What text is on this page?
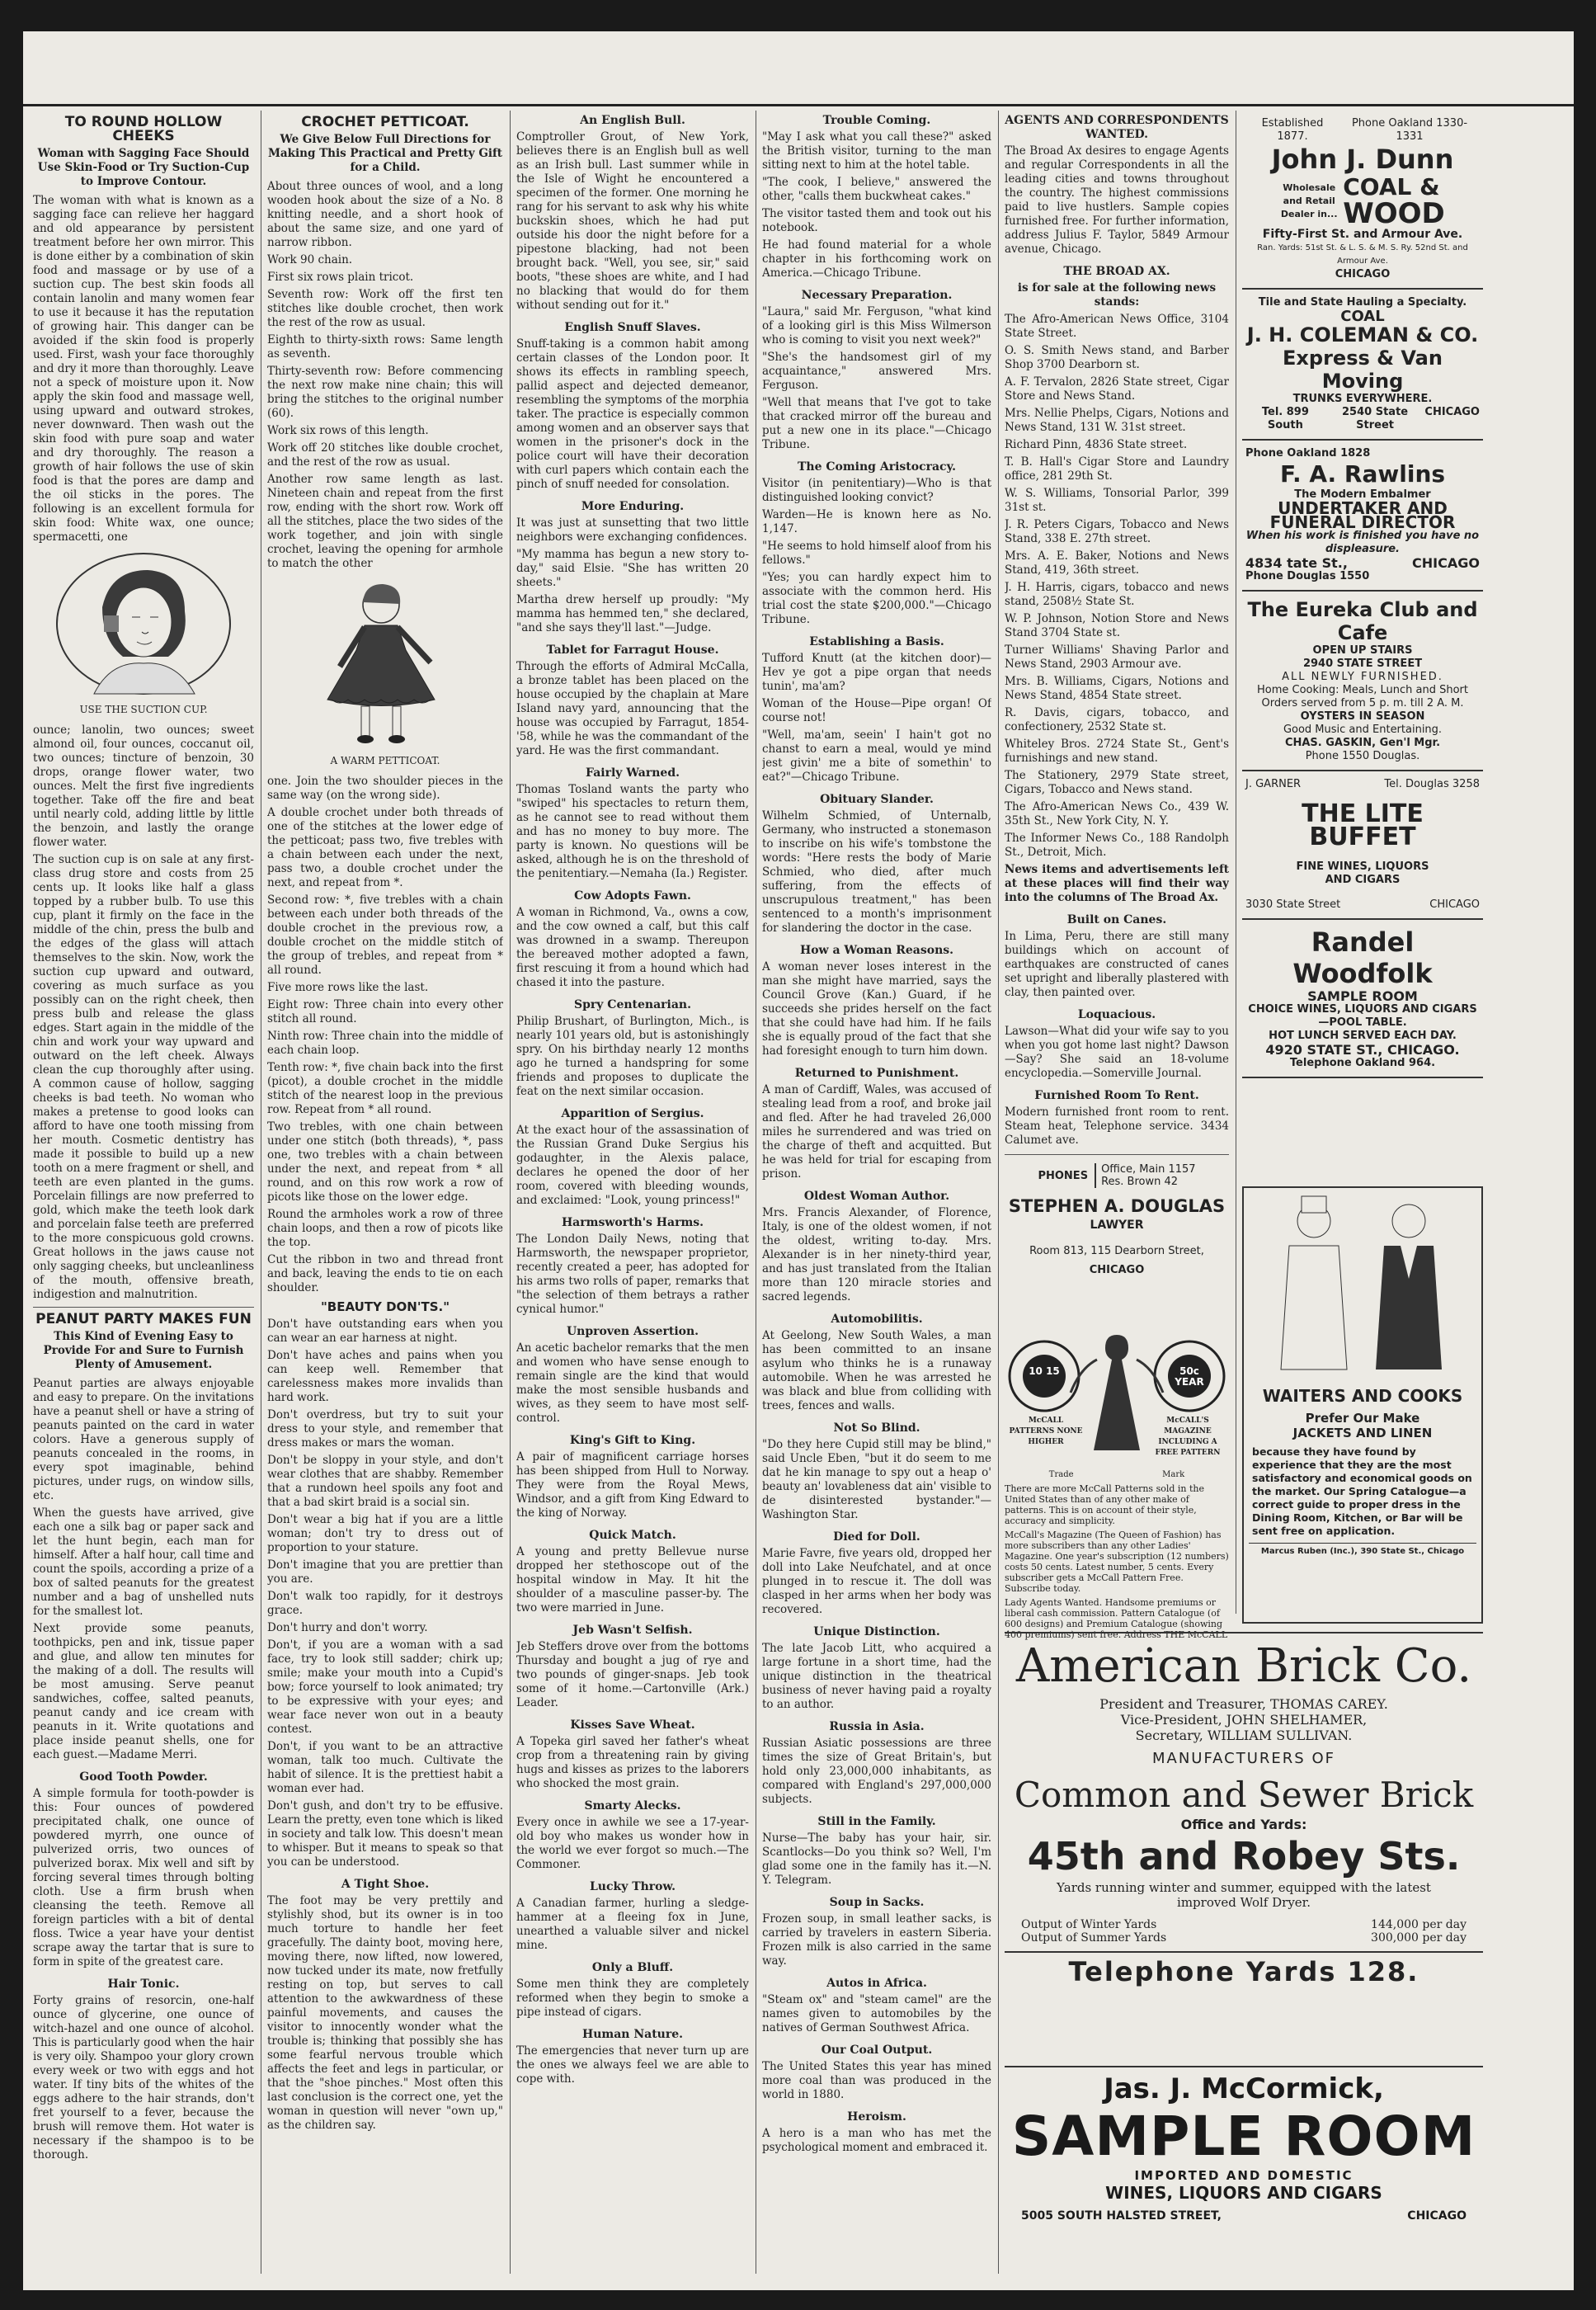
TO ROUND HOLLOW CHEEKS
Woman with Sagging Face Should Use Skin-Food or Try Suction-Cup to Improve Contour.

The woman with what is known as a sagging face can relieve her haggard and old appearance by persistent treatment before her own mirror. This is done either by a combination of skin food and massage or by use of a suction cup. The best skin foods all contain lanolin and many women fear to use it because it has the reputation of growing hair. This danger can be avoided if the skin food is properly used. First, wash your face thoroughly and dry it more than thoroughly. Leave not a speck of moisture upon it. Now apply the skin food and massage well, using upward and outward strokes, never downward. Then wash out the skin food with pure soap and water and dry thoroughly. The reason a growth of hair follows the use of skin food is that the pores are damp and the oil sticks in the pores. The following is an excellent formula for skin food: White wax, one ounce; spermacetti, one

USE THE SUCTION CUP.

ounce; lanolin, two ounces; sweet almond oil, four ounces, coccanut oil, two ounces; tincture of benzoin, 30 drops, orange flower water, two ounces. Melt the first five ingredients together. Take off the fire and beat until nearly cold, adding little by little the benzoin, and lastly the orange flower water.

The suction cup is on sale at any first-class drug store and costs from 25 cents up. It looks like half a glass topped by a rubber bulb. To use this cup, plant it firmly on the face in the middle of the chin, press the bulb and the edges of the glass will attach themselves to the skin. Now, work the suction cup upward and outward, covering as much surface as you possibly can on the right cheek, then press bulb and release the glass edges. Start again in the middle of the chin and work your way upward and outward on the left cheek. Always clean the cup thoroughly after using. A common cause of hollow, sagging cheeks is bad teeth. No woman who makes a pretense to good looks can afford to have one tooth missing from her mouth. Cosmetic dentistry has made it possible to build up a new tooth on a mere fragment or shell, and teeth are even planted in the gums. Porcelain fillings are now preferred to gold, which make the teeth look dark and porcelain false teeth are preferred to the more conspicuous gold crowns. Great hollows in the jaws cause not only sagging cheeks, but uncleanliness of the mouth, offensive breath, indigestion and malnutrition.

PEANUT PARTY MAKES FUN
This Kind of Evening Easy to Provide For and Sure to Furnish Plenty of Amusement.

Peanut parties are always enjoyable and easy to prepare. On the invitations have a peanut shell or have a string of peanuts painted on the card in water colors. Have a generous supply of peanuts concealed in the rooms, in every spot imaginable, behind pictures, under rugs, on window sills, etc.

When the guests have arrived, give each one a silk bag or paper sack and let the hunt begin, each man for himself. After a half hour, call time and count the spoils, according a prize of a box of salted peanuts for the greatest number and a bag of unshelled nuts for the smallest lot.

Next provide some peanuts, toothpicks, pen and ink, tissue paper and glue, and allow ten minutes for the making of a doll. The results will be most amusing. Serve peanut sandwiches, coffee, salted peanuts, peanut candy and ice cream with peanuts in it. Write quotations and place inside peanut shells, one for each guest.—Madame Merri.

Good Tooth Powder.

A simple formula for tooth-powder is this: Four ounces of powdered precipitated chalk, one ounce of powdered myrrh, one ounce of pulverized orris, two ounces of pulverized borax. Mix well and sift by forcing several times through bolting cloth. Use a firm brush when cleansing the teeth. Remove all foreign particles with a bit of dental floss. Twice a year have your dentist scrape away the tartar that is sure to form in spite of the greatest care.

Hair Tonic.

Forty grains of resorcin, one-half ounce of glycerine, one ounce of witch-hazel and one ounce of alcohol. This is particularly good when the hair is very oily. Shampoo your glory crown every week or two with eggs and hot water. If tiny bits of the whites of the eggs adhere to the hair strands, don't fret yourself to a fever, because the brush will remove them. Hot water is necessary if the shampoo is to be thorough.

CROCHET PETTICOAT.
We Give Below Full Directions for Making This Practical and Pretty Gift for a Child.

About three ounces of wool, and a long wooden hook about the size of a No. 8 knitting needle, and a short hook of about the same size, and one yard of narrow ribbon.

Work 90 chain.

First six rows plain tricot.

Seventh row: Work off the first ten stitches like double crochet, then work the rest of the row as usual.

Eighth to thirty-sixth rows: Same length as seventh.

Thirty-seventh row: Before commencing the next row make nine chain; this will bring the stitches to the original number (60).

Work six rows of this length.

Work off 20 stitches like double crochet, and the rest of the row as usual.

Another row same length as last. Nineteen chain and repeat from the first row, ending with the short row. Work off all the stitches, place the two sides of the work together, and join with single crochet, leaving the opening for armhole to match the other

A WARM PETTICOAT.

one. Join the two shoulder pieces in the same way (on the wrong side).

A double crochet under both threads of one of the stitches at the lower edge of the petticoat; pass two, five trebles with a chain between each under the next, pass two, a double crochet under the next, and repeat from *.

Second row: *, five trebles with a chain between each under both threads of the double crochet in the previous row, a double crochet on the middle stitch of the group of trebles, and repeat from * all round.

Five more rows like the last.

Eight row: Three chain into every other stitch all round.

Ninth row: Three chain into the middle of each chain loop.

Tenth row: *, five chain back into the first (picot), a double crochet in the middle stitch of the nearest loop in the previous row. Repeat from * all round.

Two trebles, with one chain between under one stitch (both threads), *, pass one, two trebles with a chain between under the next, and repeat from * all round, and on this row work a row of picots like those on the lower edge.

Round the armholes work a row of three chain loops, and then a row of picots like the top.

Cut the ribbon in two and thread front and back, leaving the ends to tie on each shoulder.

"BEAUTY DON'TS."

Don't have outstanding ears when you can wear an ear harness at night.

Don't have aches and pains when you can keep well. Remember that carelessness makes more invalids than hard work.

Don't overdress, but try to suit your dress to your style, and remember that dress makes or mars the woman.

Don't be sloppy in your style, and don't wear clothes that are shabby. Remember that a rundown heel spoils any foot and that a bad skirt braid is a social sin.

Don't wear a big hat if you are a little woman; don't try to dress out of proportion to your stature.

Don't imagine that you are prettier than you are.

Don't walk too rapidly, for it destroys grace.

Don't hurry and don't worry.

Don't, if you are a woman with a sad face, try to look still sadder; chirk up; smile; make your mouth into a Cupid's bow; force yourself to look animated; try to be expressive with your eyes; and wear face never won out in a beauty contest.

Don't, if you want to be an attractive woman, talk too much. Cultivate the habit of silence. It is the prettiest habit a woman ever had.

Don't gush, and don't try to be effusive. Learn the pretty, even tone which is liked in society and talk low. This doesn't mean to whisper. But it means to speak so that you can be understood.

A Tight Shoe.

The foot may be very prettily and stylishly shod, but its owner is in too much torture to handle her feet gracefully. The dainty boot, moving here, moving there, now lifted, now lowered, now tucked under its mate, now fretfully resting on top, but serves to call attention to the awkwardness of these painful movements, and causes the visitor to innocently wonder what the trouble is; thinking that possibly she has some fearful nervous trouble which affects the feet and legs in particular, or that the "shoe pinches." Most often this last conclusion is the correct one, yet the woman in question will never "own up," as the children say.

An English Bull.

Comptroller Grout, of New York, believes there is an English bull as well as an Irish bull. Last summer while in the Isle of Wight he encountered a specimen of the former. One morning he rang for his servant to ask why his white buckskin shoes, which he had put outside his door the night before for a pipestone blacking, had not been brought back. "Well, you see, sir," said boots, "these shoes are white, and I had no blacking that would do for them without sending out for it."

English Snuff Slaves.

Snuff-taking is a common habit among certain classes of the London poor. It shows its effects in rambling speech, pallid aspect and dejected demeanor, resembling the symptoms of the morphia taker. The practice is especially common among women and an observer says that women in the prisoner's dock in the police court will have their decoration with curl papers which contain each the pinch of snuff needed for consolation.

More Enduring.

It was just at sunsetting that two little neighbors were exchanging confidences.

"My mamma has begun a new story to-day," said Elsie. "She has written 20 sheets."

Martha drew herself up proudly: "My mamma has hemmed ten," she declared, "and she says they'll last."—Judge.

Tablet for Farragut House.

Through the efforts of Admiral McCalla, a bronze tablet has been placed on the house occupied by the chaplain at Mare Island navy yard, announcing that the house was occupied by Farragut, 1854-'58, while he was the commandant of the yard. He was the first commandant.

Fairly Warned.

Thomas Tosland wants the party who "swiped" his spectacles to return them, as he cannot see to read without them and has no money to buy more. The party is known. No questions will be asked, although he is on the threshold of the penitentiary.—Nemaha (Ia.) Register.

Cow Adopts Fawn.

A woman in Richmond, Va., owns a cow, and the cow owned a calf, but this calf was drowned in a swamp. Thereupon the bereaved mother adopted a fawn, first rescuing it from a hound which had chased it into the pasture.

Spry Centenarian.

Philip Brushart, of Burlington, Mich., is nearly 101 years old, but is astonishingly spry. On his birthday nearly 12 months ago he turned a handspring for some friends and proposes to duplicate the feat on the next similar occasion.

Apparition of Sergius.

At the exact hour of the assassination of the Russian Grand Duke Sergius his godaughter, in the Alexis palace, declares he opened the door of her room, covered with bleeding wounds, and exclaimed: "Look, young princess!"

Harmsworth's Harms.

The London Daily News, noting that Harmsworth, the newspaper proprietor, recently created a peer, has adopted for his arms two rolls of paper, remarks that "the selection of them betrays a rather cynical humor."

Unproven Assertion.

An acetic bachelor remarks that the men and women who have sense enough to remain single are the kind that would make the most sensible husbands and wives, as they seem to have most self-control.

King's Gift to King.

A pair of magnificent carriage horses has been shipped from Hull to Norway. They were from the Royal Mews, Windsor, and a gift from King Edward to the king of Norway.

Quick Match.

A young and pretty Bellevue nurse dropped her stethoscope out of the hospital window in May. It hit the shoulder of a masculine passer-by. The two were married in June.

Jeb Wasn't Selfish.

Jeb Steffers drove over from the bottoms Thursday and bought a jug of rye and two pounds of ginger-snaps. Jeb took some of it home.—Cartonville (Ark.) Leader.

Kisses Save Wheat.

A Topeka girl saved her father's wheat crop from a threatening rain by giving hugs and kisses as prizes to the laborers who shocked the most grain.

Smarty Alecks.

Every once in awhile we see a 17-year-old boy who makes us wonder how in the world we ever forgot so much.—The Commoner.

Lucky Throw.

A Canadian farmer, hurling a sledge-hammer at a fleeing fox in June, unearthed a valuable silver and nickel mine.

Only a Bluff.

Some men think they are completely reformed when they begin to smoke a pipe instead of cigars.

Human Nature.

The emergencies that never turn up are the ones we always feel we are able to cope with.

Trouble Coming.

"May I ask what you call these?" asked the British visitor, turning to the man sitting next to him at the hotel table.

"The cook, I believe," answered the other, "calls them buckwheat cakes."

The visitor tasted them and took out his notebook.

He had found material for a whole chapter in his forthcoming work on America.—Chicago Tribune.

Necessary Preparation.

"Laura," said Mr. Ferguson, "what kind of a looking girl is this Miss Wilmerson who is coming to visit you next week?"

"She's the handsomest girl of my acquaintance," answered Mrs. Ferguson.

"Well that means that I've got to take that cracked mirror off the bureau and put a new one in its place."—Chicago Tribune.

The Coming Aristocracy.

Visitor (in penitentiary)—Who is that distinguished looking convict?

Warden—He is known here as No. 1,147.

"He seems to hold himself aloof from his fellows."

"Yes; you can hardly expect him to associate with the common herd. His trial cost the state $200,000."—Chicago Tribune.

Establishing a Basis.

Tufford Knutt (at the kitchen door)—Hev ye got a pipe organ that needs tunin', ma'am?

Woman of the House—Pipe organ! Of course not!

"Well, ma'am, seein' I hain't got no chanst to earn a meal, would ye mind jest givin' me a bite of somethin' to eat?"—Chicago Tribune.

Obituary Slander.

Wilhelm Schmied, of Unternalb, Germany, who instructed a stonemason to inscribe on his wife's tombstone the words: "Here rests the body of Marie Schmied, who died, after much suffering, from the effects of unscrupulous treatment," has been sentenced to a month's imprisonment for slandering the doctor in the case.

How a Woman Reasons.

A woman never loses interest in the man she might have married, says the Council Grove (Kan.) Guard, if he succeeds she prides herself on the fact that she could have had him. If he fails she is equally proud of the fact that she had foresight enough to turn him down.

Returned to Punishment.

A man of Cardiff, Wales, was accused of stealing lead from a roof, and broke jail and fled. After he had traveled 26,000 miles he surrendered and was tried on the charge of theft and acquitted. But he was held for trial for escaping from prison.

Oldest Woman Author.

Mrs. Francis Alexander, of Florence, Italy, is one of the oldest women, if not the oldest, writing to-day. Mrs. Alexander is in her ninety-third year, and has just translated from the Italian more than 120 miracle stories and sacred legends.

Automobilitis.

At Geelong, New South Wales, a man has been committed to an insane asylum who thinks he is a runaway automobile. When he was arrested he was black and blue from colliding with trees, fences and walls.

Not So Blind.

"Do they here Cupid still may be blind," said Uncle Eben, "but it do seem to me dat he kin manage to spy out a heap o' beauty an' lovableness dat ain' visible to de disinterested bystander."—Washington Star.

Died for Doll.

Marie Favre, five years old, dropped her doll into Lake Neufchatel, and at once plunged in to rescue it. The doll was clasped in her arms when her body was recovered.

Unique Distinction.

The late Jacob Litt, who acquired a large fortune in a short time, had the unique distinction in the theatrical business of never having paid a royalty to an author.

Russia in Asia.

Russian Asiatic possessions are three times the size of Great Britain's, but hold only 23,000,000 inhabitants, as compared with England's 297,000,000 subjects.

Still in the Family.

Nurse—The baby has your hair, sir. Scantlocks—Do you think so? Well, I'm glad some one in the family has it.—N. Y. Telegram.

Soup in Sacks.

Frozen soup, in small leather sacks, is carried by travelers in eastern Siberia. Frozen milk is also carried in the same way.

Autos in Africa.

"Steam ox" and "steam camel" are the names given to automobiles by the natives of German Southwest Africa.

Our Coal Output.

The United States this year has mined more coal than was produced in the world in 1880.

Heroism.

A hero is a man who has met the psychological moment and embraced it.

AGENTS AND CORRESPONDENTS WANTED.

The Broad Ax desires to engage Agents and regular Correspondents in all the leading cities and towns throughout the country. The highest commissions paid to live hustlers. Sample copies furnished free. For further information, address Julius F. Taylor, 5849 Armour avenue, Chicago.

THE BROAD AX.
is for sale at the following news stands:

The Afro-American News Office, 3104 State Street.

O. S. Smith News stand, and Barber Shop 3700 Dearborn st.

A. F. Tervalon, 2826 State street, Cigar Store and News Stand.

Mrs. Nellie Phelps, Cigars, Notions and News Stand, 131 W. 31st street.

Richard Pinn, 4836 State street.

T. B. Hall's Cigar Store and Laundry office, 281 29th St.

W. S. Williams, Tonsorial Parlor, 399 31st st.

J. R. Peters Cigars, Tobacco and News Stand, 338 E. 27th street.

Mrs. A. E. Baker, Notions and News Stand, 419, 36th street.

J. H. Harris, cigars, tobacco and news stand, 2508½ State St.

W. P. Johnson, Notion Store and News Stand 3704 State st.

Turner Williams' Shaving Parlor and News Stand, 2903 Armour ave.

Mrs. B. Williams, Cigars, Notions and News Stand, 4854 State street.

R. Davis, cigars, tobacco, and confectionery, 2532 State st.

Whiteley Bros. 2724 State St., Gent's furnishings and new stand.

The Stationery, 2979 State street, Cigars, Tobacco and News stand.

The Afro-American News Co., 439 W. 35th St., New York City, N. Y.

The Informer News Co., 188 Randolph St., Detroit, Mich.

News items and advertisements left at these places will find their way into the columns of The Broad Ax.

Built on Canes.

In Lima, Peru, there are still many buildings which on account of earthquakes are constructed of canes set upright and liberally plastered with clay, then painted over.

Loquacious.

Lawson—What did your wife say to you when you got home last night? Dawson—Say? She said an 18-volume encyclopedia.—Somerville Journal.

Furnished Room To Rent.

Modern furnished front room to rent. Steam heat, Telephone service. 3434 Calumet ave.

PHONES Office, Main 1157
Res. Brown 42
STEPHEN A. DOUGLAS
LAWYER
Room 813, 115 Dearborn Street,
CHICAGO
10 15	50c YEAR
McCALL PATTERNS NONE HIGHER
McCALL'S MAGAZINE INCLUDING A FREE PATTERN
Trade	Mark

There are more McCall Patterns sold in the United States than of any other make of patterns. This is on account of their style, accuracy and simplicity.

McCall's Magazine (The Queen of Fashion) has more subscribers than any other Ladies' Magazine. One year's subscription (12 numbers) costs 50 cents. Latest number, 5 cents. Every subscriber gets a McCall Pattern Free. Subscribe today.

Lady Agents Wanted. Handsome premiums or liberal cash commission. Pattern Catalogue (of 600 designs) and Premium Catalogue (showing 400 premiums) sent free. Address THE McCALL

Established 1877.
Phone Oakland 1330-1331
John J. Dunn
Wholesale and Retail Dealer in...
COAL &
WOOD
Fifty-First St. and Armour Ave.
Ran. Yards: 51st St. & L. S. & M. S. Ry. 52nd St. and Armour Ave.
CHICAGO
Tile and State Hauling a Specialty.
COAL
J. H. COLEMAN & CO.
Express & Van Moving
TRUNKS EVERYWHERE.
Tel. 899 South
2540 State Street
CHICAGO
Phone Oakland 1828
F. A. Rawlins
The Modern Embalmer
UNDERTAKER AND
FUNERAL DIRECTOR
When his work is finished you have no displeasure.
4834 tate St.,	CHICAGO
Phone Douglas 1550
The Eureka Club and Cafe
OPEN UP STAIRS
2940 STATE STREET
ALL NEWLY FURNISHED.
Home Cooking: Meals, Lunch and Short Orders served from 5 p. m. till 2 A. M.
OYSTERS IN SEASON
Good Music and Entertaining.
CHAS. GASKIN, Gen'l Mgr.
Phone 1550 Douglas.
J. GARNER	Tel. Douglas 3258
THE LITE BUFFET
FINE WINES, LIQUORS
AND CIGARS
3030 State Street	CHICAGO
Randel Woodfolk
SAMPLE ROOM
CHOICE WINES, LIQUORS AND CIGARS—POOL TABLE.
HOT LUNCH SERVED EACH DAY.
4920 STATE ST., CHICAGO.
Telephone Oakland 964.
WAITERS AND COOKS
Prefer Our Make
JACKETS AND LINEN
because they have found by experience that they are the most satisfactory and economical goods on the market. Our Spring Catalogue—a correct guide to proper dress in the Dining Room, Kitchen, or Bar will be sent free on application.
Marcus Ruben (Inc.), 390 State St., Chicago
American Brick Co.
President and Treasurer, THOMAS CAREY.
Vice-President, JOHN SHELHAMER,
Secretary, WILLIAM SULLIVAN.
MANUFACTURERS OF
Common and Sewer Brick
Office and Yards:
45th and Robey Sts.
Yards running winter and summer, equipped with the latest improved Wolf Dryer.
Output of Winter Yards	144,000 per day
Output of Summer Yards	300,000 per day
Telephone Yards 128.
Jas. J. McCormick,
SAMPLE ROOM
IMPORTED AND DOMESTIC
WINES, LIQUORS AND CIGARS
5005 SOUTH HALSTED STREET,	CHICAGO
